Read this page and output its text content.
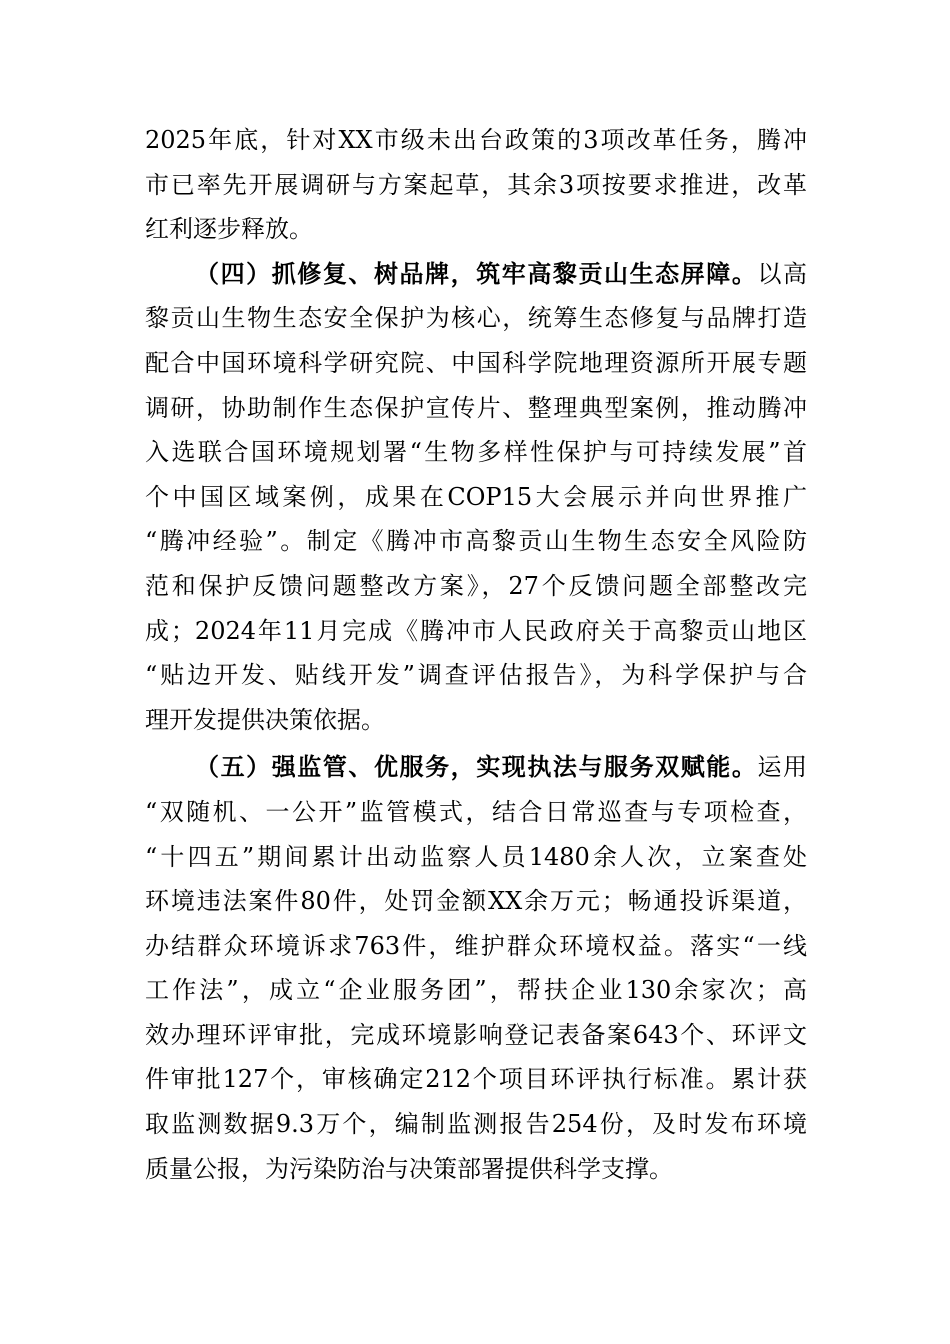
2025年底，针对XX市级未出台政策的3项改革任务，腾冲
市已率先开展调研与方案起草，其余3项按要求推进，改革
红利逐步释放。
（四）抓修复、树品牌，筑牢高黎贡山生态屏障。以高
黎贡山生物生态安全保护为核心，统筹生态修复与品牌打造
配合中国环境科学研究院、中国科学院地理资源所开展专题
调研，协助制作生态保护宣传片、整理典型案例，推动腾冲
入选联合国环境规划署“生物多样性保护与可持续发展”首
个中国区域案例，成果在COP15大会展示并向世界推广
“腾冲经验”。制定《腾冲市高黎贡山生物生态安全风险防
范和保护反馈问题整改方案》，27个反馈问题全部整改完
成；2024年11月完成《腾冲市人民政府关于高黎贡山地区
“贴边开发、贴线开发”调查评估报告》，为科学保护与合
理开发提供决策依据。
（五）强监管、优服务，实现执法与服务双赋能。运用
“双随机、一公开”监管模式，结合日常巡查与专项检查，
“十四五”期间累计出动监察人员1480余人次，立案查处
环境违法案件80件，处罚金额XX余万元；畅通投诉渠道，
办结群众环境诉求763件，维护群众环境权益。落实“一线
工作法”，成立“企业服务团”，帮扶企业130余家次；高
效办理环评审批，完成环境影响登记表备案643个、环评文
件审批127个，审核确定212个项目环评执行标准。累计获
取监测数据9.3万个，编制监测报告254份，及时发布环境
质量公报，为污染防治与决策部署提供科学支撑。
